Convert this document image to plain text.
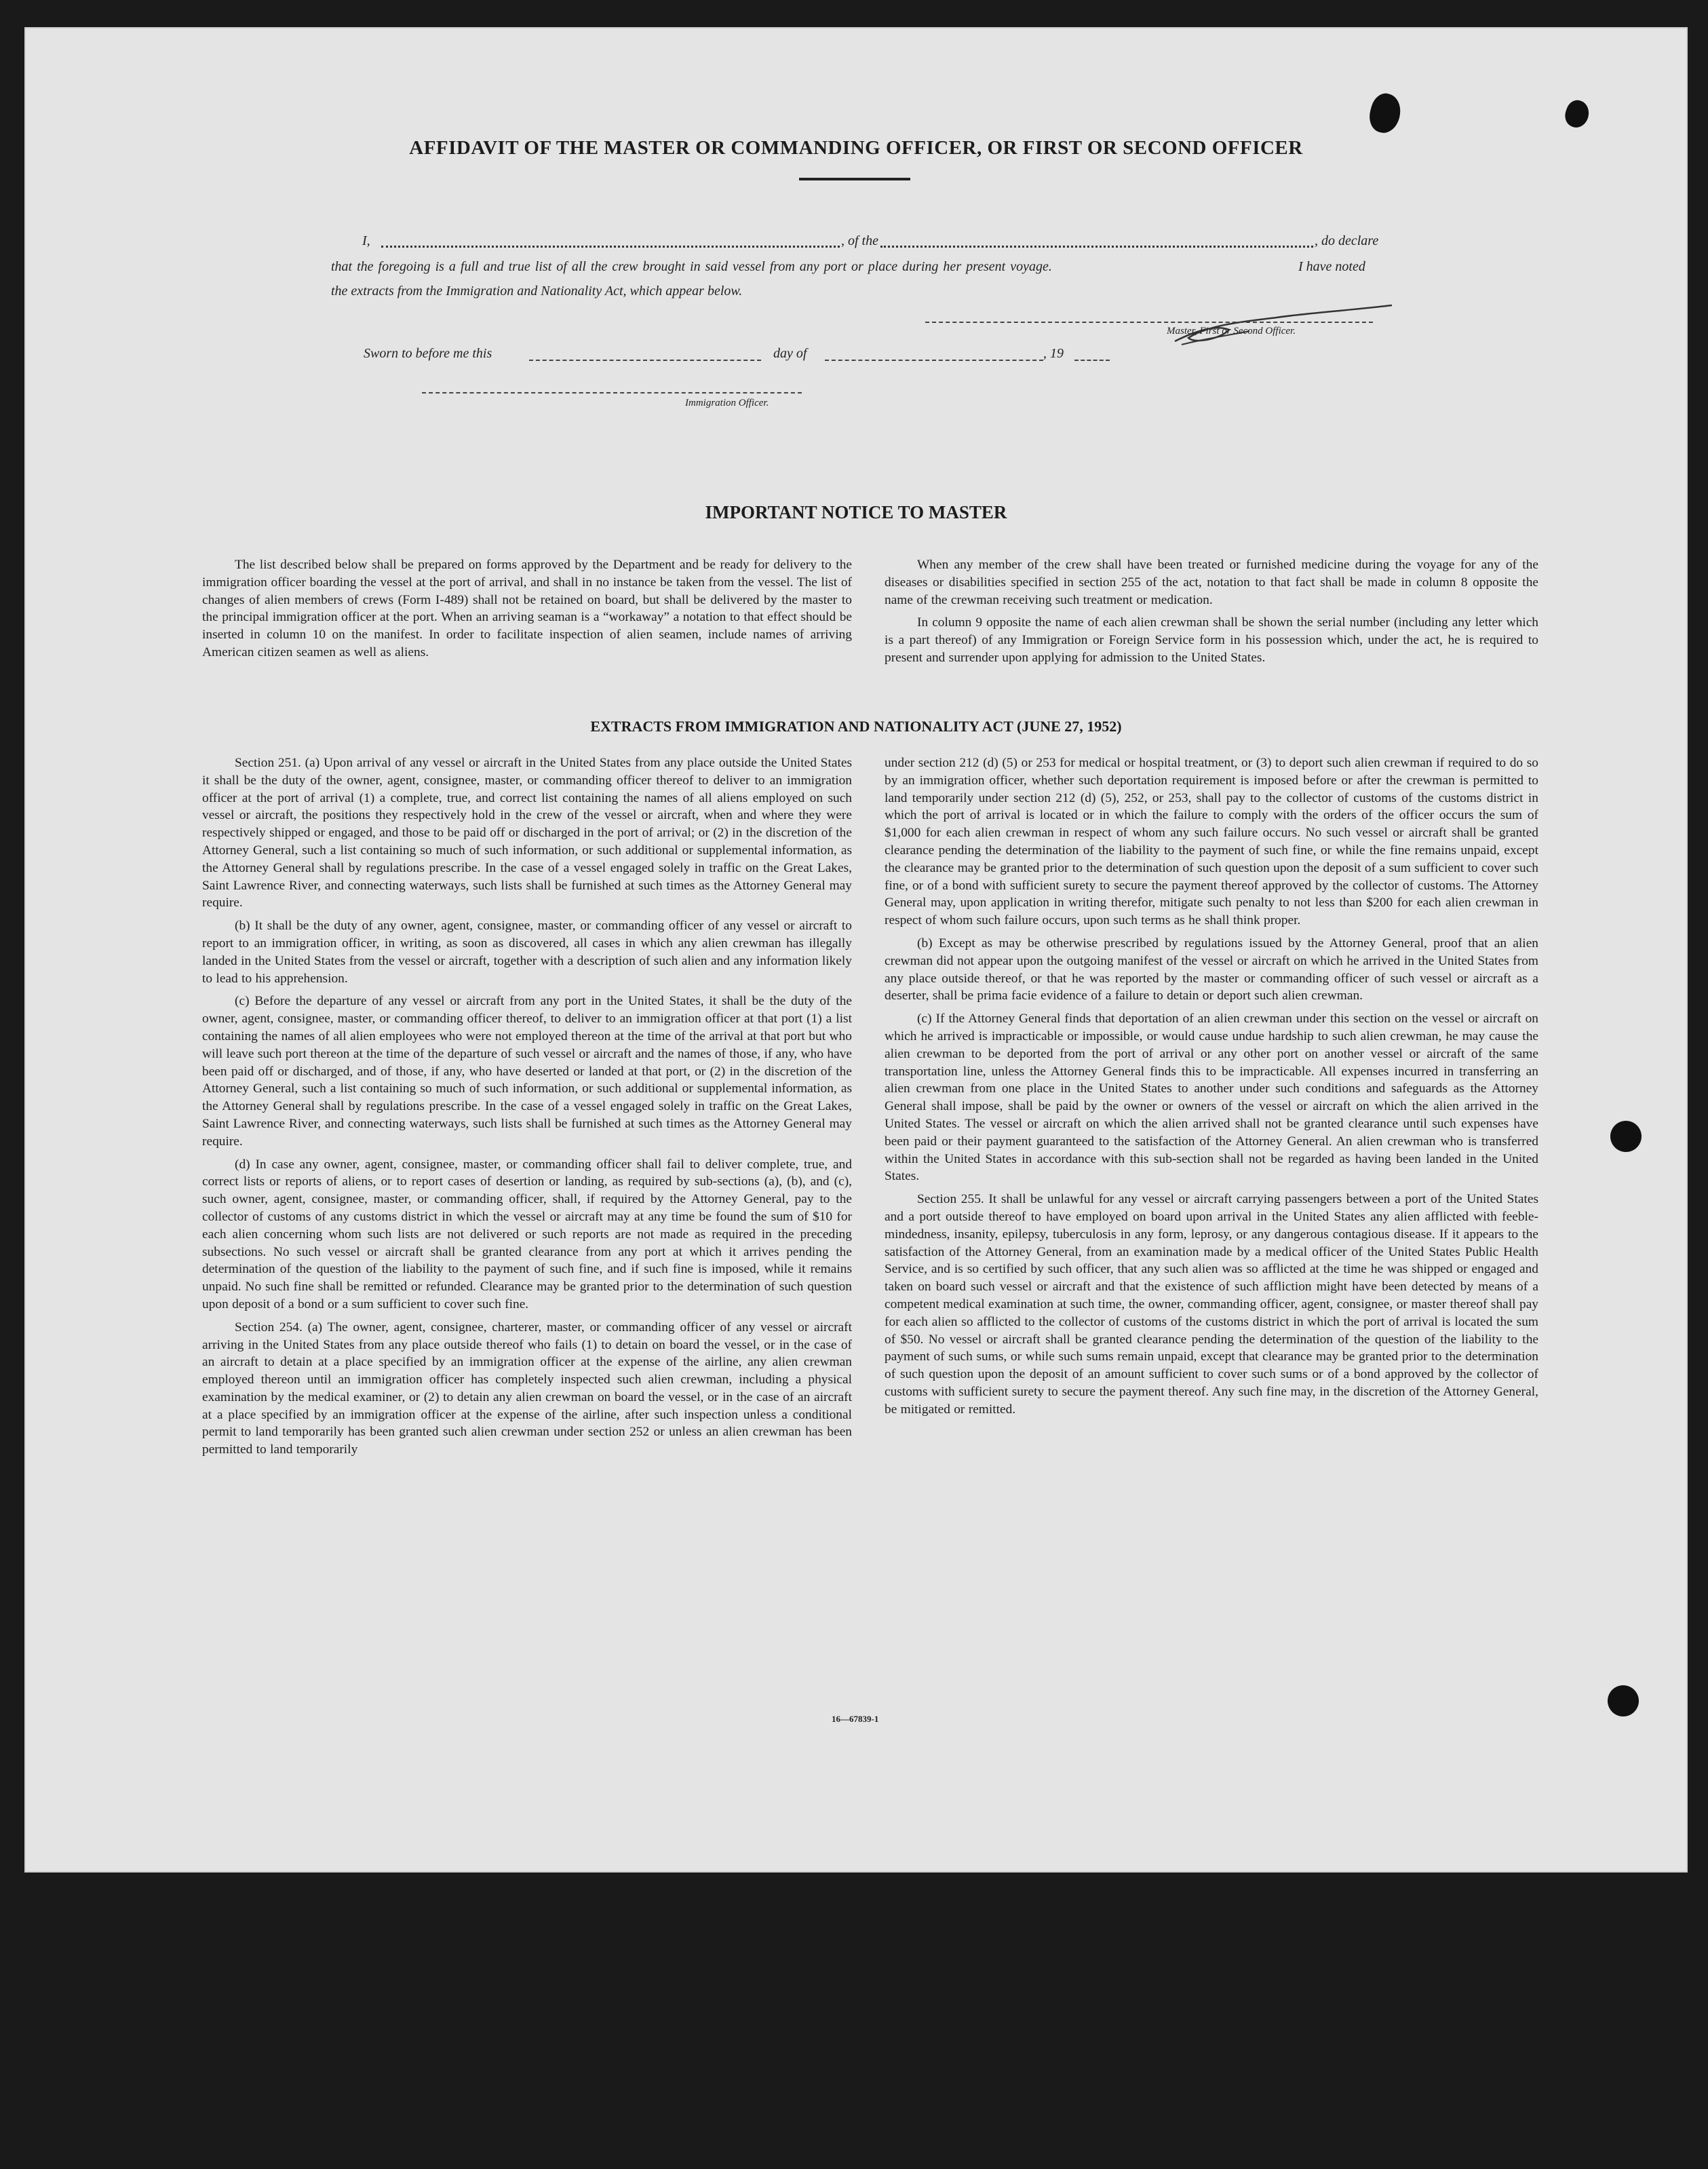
AFFIDAVIT OF THE MASTER OR COMMANDING OFFICER, OR FIRST OR SECOND OFFICER
I,	, of the	, do declare
that the foregoing is a full and true list of all the crew brought in said vessel from any port or place during her present voyage.	I have noted
the extracts from the Immigration and Nationality Act, which appear below.
Master, First or Second Officer.
Sworn to before me this	day of	, 19
Immigration Officer.
IMPORTANT NOTICE TO MASTER

The list described below shall be prepared on forms approved by the Department and be ready for delivery to the immigration officer boarding the vessel at the port of arrival, and shall in no instance be taken from the vessel. The list of changes of alien members of crews (Form I-489) shall not be retained on board, but shall be delivered by the master to the principal immigration officer at the port. When an arriving seaman is a “workaway” a notation to that effect should be inserted in column 10 on the manifest. In order to facilitate inspection of alien seamen, include names of arriving American citizen seamen as well as aliens.

When any member of the crew shall have been treated or furnished medicine during the voyage for any of the diseases or disabilities specified in section 255 of the act, notation to that fact shall be made in column 8 opposite the name of the crewman receiving such treatment or medication.

In column 9 opposite the name of each alien crewman shall be shown the serial number (including any letter which is a part thereof) of any Immigration or Foreign Service form in his possession which, under the act, he is required to present and surrender upon applying for admission to the United States.

EXTRACTS FROM IMMIGRATION AND NATIONALITY ACT (JUNE 27, 1952)

Section 251. (a) Upon arrival of any vessel or aircraft in the United States from any place outside the United States it shall be the duty of the owner, agent, consignee, master, or commanding officer thereof to deliver to an immigration officer at the port of arrival (1) a complete, true, and correct list containing the names of all aliens employed on such vessel or aircraft, the positions they respectively hold in the crew of the vessel or aircraft, when and where they were respectively shipped or engaged, and those to be paid off or discharged in the port of arrival; or (2) in the discretion of the Attorney General, such a list containing so much of such information, or such additional or supplemental information, as the Attorney General shall by regulations prescribe. In the case of a vessel engaged solely in traffic on the Great Lakes, Saint Lawrence River, and connecting waterways, such lists shall be furnished at such times as the Attorney General may require.

(b) It shall be the duty of any owner, agent, consignee, master, or commanding officer of any vessel or aircraft to report to an immigration officer, in writing, as soon as discovered, all cases in which any alien crewman has illegally landed in the United States from the vessel or aircraft, together with a description of such alien and any information likely to lead to his apprehension.

(c) Before the departure of any vessel or aircraft from any port in the United States, it shall be the duty of the owner, agent, consignee, master, or commanding officer thereof, to deliver to an immigration officer at that port (1) a list containing the names of all alien employees who were not employed thereon at the time of the arrival at that port but who will leave such port thereon at the time of the departure of such vessel or aircraft and the names of those, if any, who have been paid off or discharged, and of those, if any, who have deserted or landed at that port, or (2) in the discretion of the Attorney General, such a list containing so much of such information, or such additional or supplemental information, as the Attorney General shall by regulations prescribe. In the case of a vessel engaged solely in traffic on the Great Lakes, Saint Lawrence River, and connecting waterways, such lists shall be furnished at such times as the Attorney General may require.

(d) In case any owner, agent, consignee, master, or commanding officer shall fail to deliver complete, true, and correct lists or reports of aliens, or to report cases of desertion or landing, as required by sub-sections (a), (b), and (c), such owner, agent, consignee, master, or commanding officer, shall, if required by the Attorney General, pay to the collector of customs of any customs district in which the vessel or aircraft may at any time be found the sum of $10 for each alien concerning whom such lists are not delivered or such reports are not made as required in the preceding subsections. No such vessel or aircraft shall be granted clearance from any port at which it arrives pending the determination of the question of the liability to the payment of such fine, and if such fine is imposed, while it remains unpaid. No such fine shall be remitted or refunded. Clearance may be granted prior to the determination of such question upon deposit of a bond or a sum sufficient to cover such fine.

Section 254. (a) The owner, agent, consignee, charterer, master, or commanding officer of any vessel or aircraft arriving in the United States from any place outside thereof who fails (1) to detain on board the vessel, or in the case of an aircraft to detain at a place specified by an immigration officer at the expense of the airline, any alien crewman employed thereon until an immigration officer has completely inspected such alien crewman, including a physical examination by the medical examiner, or (2) to detain any alien crewman on board the vessel, or in the case of an aircraft at a place specified by an immigration officer at the expense of the airline, after such inspection unless a conditional permit to land temporarily has been granted such alien crewman under section 252 or unless an alien crewman has been permitted to land temporarily

under section 212 (d) (5) or 253 for medical or hospital treatment, or (3) to deport such alien crewman if required to do so by an immigration officer, whether such deportation requirement is imposed before or after the crewman is permitted to land temporarily under section 212 (d) (5), 252, or 253, shall pay to the collector of customs of the customs district in which the port of arrival is located or in which the failure to comply with the orders of the officer occurs the sum of $1,000 for each alien crewman in respect of whom any such failure occurs. No such vessel or aircraft shall be granted clearance pending the determination of the liability to the payment of such fine, or while the fine remains unpaid, except the clearance may be granted prior to the determination of such question upon the deposit of a sum sufficient to cover such fine, or of a bond with sufficient surety to secure the payment thereof approved by the collector of customs. The Attorney General may, upon application in writing therefor, mitigate such penalty to not less than $200 for each alien crewman in respect of whom such failure occurs, upon such terms as he shall think proper.

(b) Except as may be otherwise prescribed by regulations issued by the Attorney General, proof that an alien crewman did not appear upon the outgoing manifest of the vessel or aircraft on which he arrived in the United States from any place outside thereof, or that he was reported by the master or commanding officer of such vessel or aircraft as a deserter, shall be prima facie evidence of a failure to detain or deport such alien crewman.

(c) If the Attorney General finds that deportation of an alien crewman under this section on the vessel or aircraft on which he arrived is impracticable or impossible, or would cause undue hardship to such alien crewman, he may cause the alien crewman to be deported from the port of arrival or any other port on another vessel or aircraft of the same transportation line, unless the Attorney General finds this to be impracticable. All expenses incurred in transferring an alien crewman from one place in the United States to another under such conditions and safeguards as the Attorney General shall impose, shall be paid by the owner or owners of the vessel or aircraft on which the alien arrived in the United States. The vessel or aircraft on which the alien arrived shall not be granted clearance until such expenses have been paid or their payment guaranteed to the satisfaction of the Attorney General. An alien crewman who is transferred within the United States in accordance with this sub-section shall not be regarded as having been landed in the United States.

Section 255. It shall be unlawful for any vessel or aircraft carrying passengers between a port of the United States and a port outside thereof to have employed on board upon arrival in the United States any alien afflicted with feeble-mindedness, insanity, epilepsy, tuberculosis in any form, leprosy, or any dangerous contagious disease. If it appears to the satisfaction of the Attorney General, from an examination made by a medical officer of the United States Public Health Service, and is so certified by such officer, that any such alien was so afflicted at the time he was shipped or engaged and taken on board such vessel or aircraft and that the existence of such affliction might have been detected by means of a competent medical examination at such time, the owner, commanding officer, agent, consignee, or master thereof shall pay for each alien so afflicted to the collector of customs of the customs district in which the port of arrival is located the sum of $50. No vessel or aircraft shall be granted clearance pending the determination of the question of the liability to the payment of such sums, or while such sums remain unpaid, except that clearance may be granted prior to the determination of such question upon the deposit of an amount sufficient to cover such sums or of a bond approved by the collector of customs with sufficient surety to secure the payment thereof. Any such fine may, in the discretion of the Attorney General, be mitigated or remitted.

16—67839-1
